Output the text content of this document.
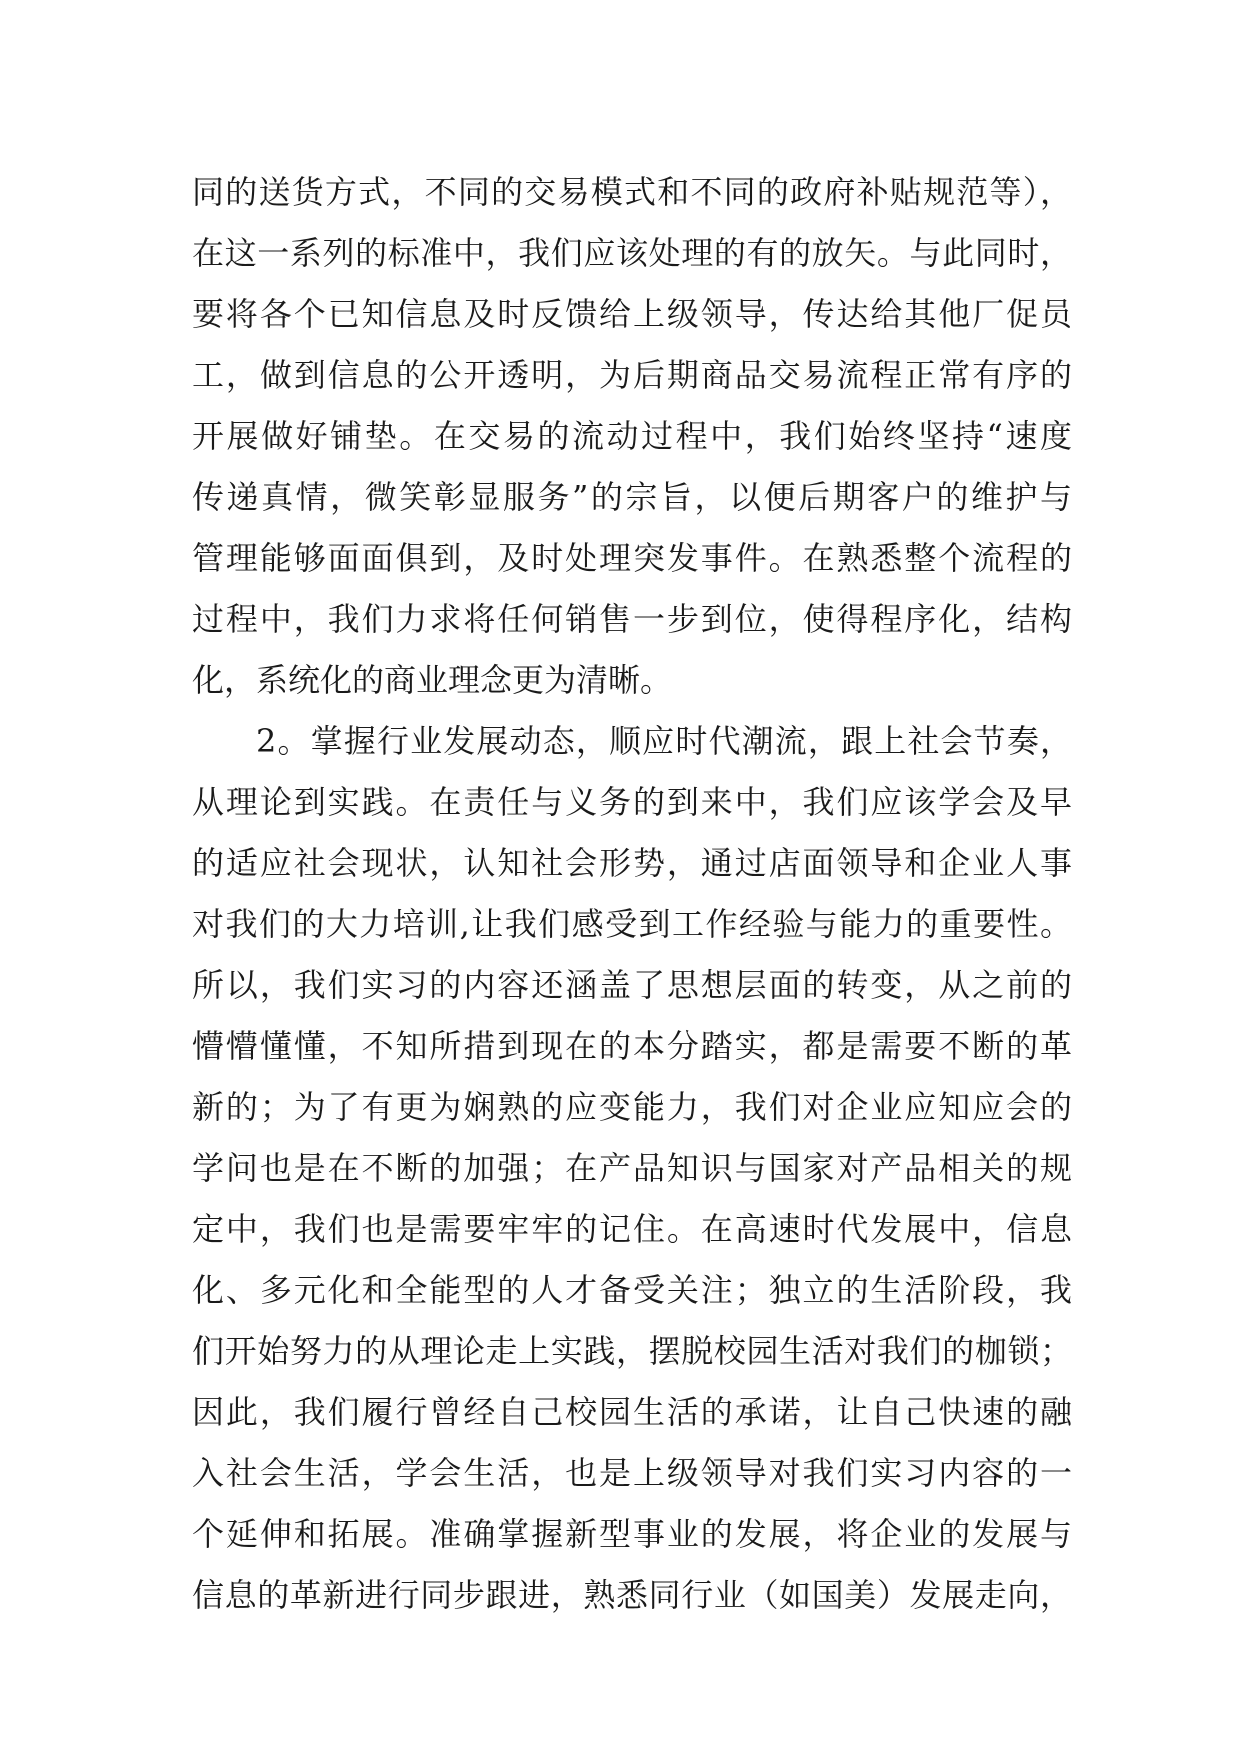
同的送货方式，不同的交易模式和不同的政府补贴规范等），
在这一系列的标准中，我们应该处理的有的放矢。与此同时，
要将各个已知信息及时反馈给上级领导，传达给其他厂促员
工，做到信息的公开透明，为后期商品交易流程正常有序的
开展做好铺垫。在交易的流动过程中，我们始终坚持“速度
传递真情，微笑彰显服务”的宗旨，以便后期客户的维护与
管理能够面面俱到，及时处理突发事件。在熟悉整个流程的
过程中，我们力求将任何销售一步到位，使得程序化，结构
化，系统化的商业理念更为清晰。
2。掌握行业发展动态，顺应时代潮流，跟上社会节奏，
从理论到实践。在责任与义务的到来中，我们应该学会及早
的适应社会现状，认知社会形势，通过店面领导和企业人事
对我们的大力培训,让我们感受到工作经验与能力的重要性。
所以，我们实习的内容还涵盖了思想层面的转变，从之前的
懵懵懂懂，不知所措到现在的本分踏实，都是需要不断的革
新的；为了有更为娴熟的应变能力，我们对企业应知应会的
学问也是在不断的加强；在产品知识与国家对产品相关的规
定中，我们也是需要牢牢的记住。在高速时代发展中，信息
化、多元化和全能型的人才备受关注；独立的生活阶段，我
们开始努力的从理论走上实践，摆脱校园生活对我们的枷锁；
因此，我们履行曾经自己校园生活的承诺，让自己快速的融
入社会生活，学会生活，也是上级领导对我们实习内容的一
个延伸和拓展。准确掌握新型事业的发展，将企业的发展与
信息的革新进行同步跟进，熟悉同行业（如国美）发展走向，
